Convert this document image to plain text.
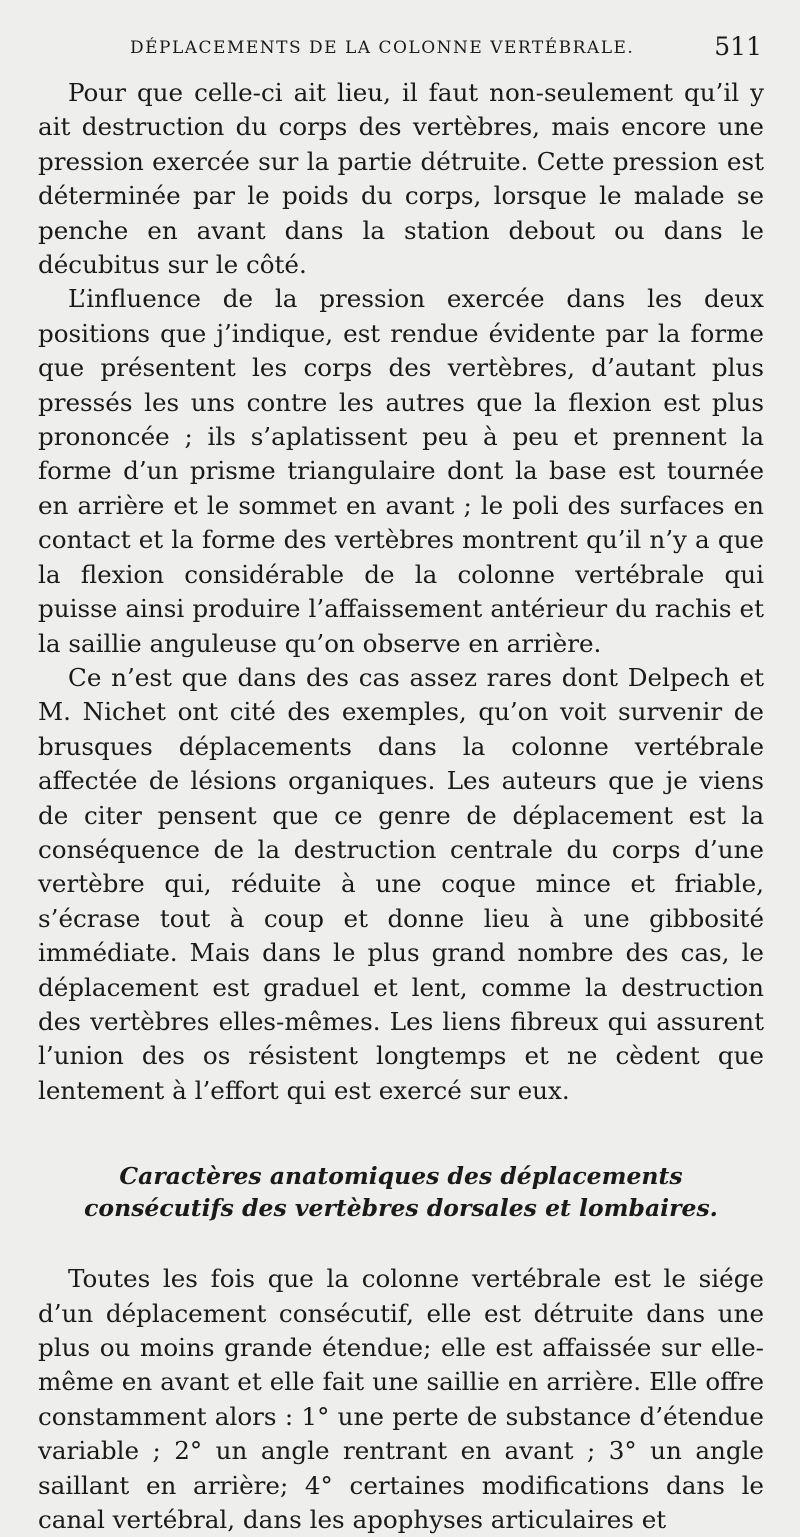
DÉPLACEMENTS DE LA COLONNE VERTÉBRALE.	511

Pour que celle-ci ait lieu, il faut non-seulement qu’il y ait destruction du corps des vertèbres, mais encore une pression exercée sur la partie détruite. Cette pression est déterminée par le poids du corps, lorsque le malade se penche en avant dans la station debout ou dans le décubitus sur le côté.

L’influence de la pression exercée dans les deux positions que j’indique, est rendue évidente par la forme que présentent les corps des vertèbres, d’autant plus pressés les uns contre les autres que la flexion est plus prononcée ; ils s’aplatissent peu à peu et prennent la forme d’un prisme triangulaire dont la base est tournée en arrière et le sommet en avant ; le poli des surfaces en contact et la forme des vertèbres montrent qu’il n’y a que la flexion considérable de la colonne vertébrale qui puisse ainsi produire l’affaissement antérieur du rachis et la saillie anguleuse qu’on observe en arrière.

Ce n’est que dans des cas assez rares dont Delpech et M. Nichet ont cité des exemples, qu’on voit survenir de brusques déplacements dans la colonne vertébrale affectée de lésions organiques. Les auteurs que je viens de citer pensent que ce genre de déplacement est la conséquence de la destruction centrale du corps d’une vertèbre qui, réduite à une coque mince et friable, s’écrase tout à coup et donne lieu à une gibbosité immédiate. Mais dans le plus grand nombre des cas, le déplacement est graduel et lent, comme la destruction des vertèbres elles-mêmes. Les liens fibreux qui assurent l’union des os résistent longtemps et ne cèdent que lentement à l’effort qui est exercé sur eux.

Caractères anatomiques des déplacements consécutifs des vertèbres dorsales et lombaires.

Toutes les fois que la colonne vertébrale est le siége d’un déplacement consécutif, elle est détruite dans une plus ou moins grande étendue; elle est affaissée sur elle-même en avant et elle fait une saillie en arrière. Elle offre constamment alors : 1° une perte de substance d’étendue variable ; 2° un angle rentrant en avant ; 3° un angle saillant en arrière; 4° certaines modifications dans le canal vertébral, dans les apophyses articulaires et
